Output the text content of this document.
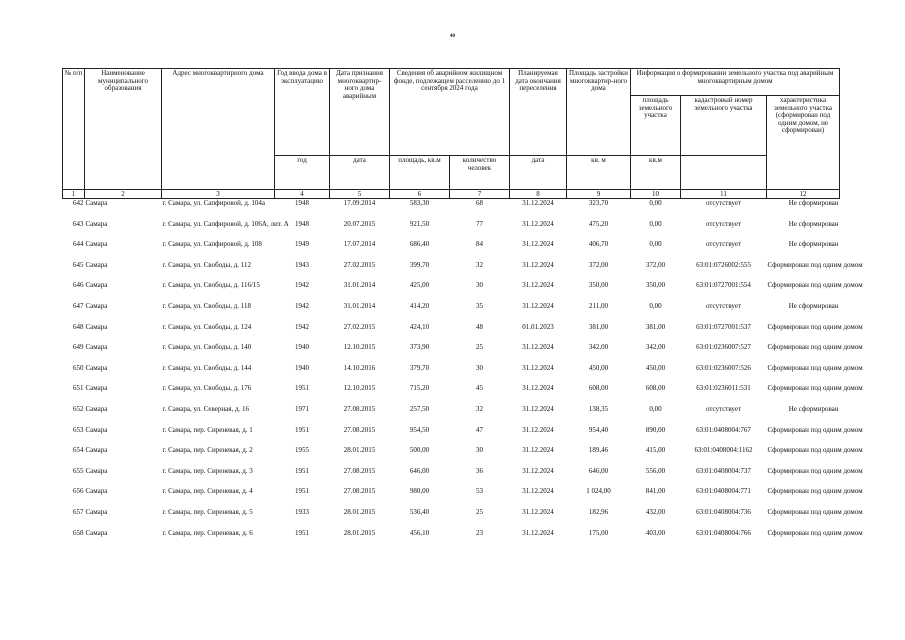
40
№ п/п	Наименование муниципального образования	Адрес многоквартирного дома	Год ввода дома в эксплуатацию	Дата признания многоквартир-ного дома аварийным	Сведения об аварийном жилищном фонде, подлежащем расселению до 1 сентября 2024 года		Планируемая дата окончания переселения	Площадь застройки многоквартир-ного дома	Информация о формировании земельного участка под аварийным многоквартирным домом		
									площадь земельного участка	кадастровый номер земельного участка	характеристика земельного участка (сформирован под одним домом, не сформирован)
			год	дата	площадь, кв.м	количество человек	дата	кв. м	кв.м		
1	2	3	4	5	6	7	8	9	10	11	12
642	Самара	г. Самара, ул. Сапфировой, д. 104а	1948	17.09.2014	583,30	68	31.12.2024	323,70	0,00	отсутствует	Не сформирован
643	Самара	г. Самара, ул. Сапфировой, д. 106А, лит. А	1948	20.07.2015	921,50	77	31.12.2024	475,20	0,00	отсутствует	Не сформирован
644	Самара	г. Самара, ул. Сапфировой, д. 108	1949	17.07.2014	686,40	84	31.12.2024	406,70	0,00	отсутствует	Не сформирован
645	Самара	г. Самара, ул. Свободы, д. 112	1943	27.02.2015	399,70	32	31.12.2024	372,00	372,00	63:01:0726002:555	Сформирован под одним домом
646	Самара	г. Самара, ул. Свободы, д. 116/15	1942	31.01.2014	425,00	30	31.12.2024	350,00	350,00	63:01:0727001:554	Сформирован под одним домом
647	Самара	г. Самара, ул. Свободы, д. 118	1942	31.01.2014	414,20	35	31.12.2024	211,00	0,00	отсутствует	Не сформирован
648	Самара	г. Самара, ул. Свободы, д. 124	1942	27.02.2015	424,10	48	01.01.2023	381,00	381,00	63:01:0727001:537	Сформирован под одним домом
649	Самара	г. Самара, ул. Свободы, д. 140	1940	12.10.2015	373,90	25	31.12.2024	342,00	342,00	63:01:0236007:527	Сформирован под одним домом
650	Самара	г. Самара, ул. Свободы, д. 144	1940	14.10.2016	379,70	30	31.12.2024	450,00	450,00	63:01:0236007:526	Сформирован под одним домом
651	Самара	г. Самара, ул. Свободы, д. 176	1951	12.10.2015	715,20	45	31.12.2024	608,00	608,00	63:01:0236011:531	Сформирован под одним домом
652	Самара	г. Самара, ул. Северная, д. 16	1971	27.08.2015	257,50	32	31.12.2024	138,35	0,00	отсутствует	Не сформирован
653	Самара	г. Самара, пер. Сиреневая, д. 1	1951	27.08.2015	954,50	47	31.12.2024	954,40	890,00	63:01:0408004:767	Сформирован под одним домом
654	Самара	г. Самара, пер. Сиреневая, д. 2	1955	28.01.2015	500,00	30	31.12.2024	189,46	415,00	63:01:0408004:1162	Сформирован под одним домом
655	Самара	г. Самара, пер. Сиреневая, д. 3	1951	27.08.2015	646,00	36	31.12.2024	646,00	556,00	63:01:0408004:737	Сформирован под одним домом
656	Самара	г. Самара, пер. Сиреневая, д. 4	1951	27.08.2015	980,00	53	31.12.2024	1 024,00	841,00	63:01:0408004:771	Сформирован под одним домом
657	Самара	г. Самара, пер. Сиреневая, д. 5	1933	28.01.2015	536,40	25	31.12.2024	182,96	432,00	63:01:0408004:736	Сформирован под одним домом
658	Самара	г. Самара, пер. Сиреневая, д. 6	1951	28.01.2015	456,10	23	31.12.2024	175,00	403,00	63:01:0408004:766	Сформирован под одним домом
